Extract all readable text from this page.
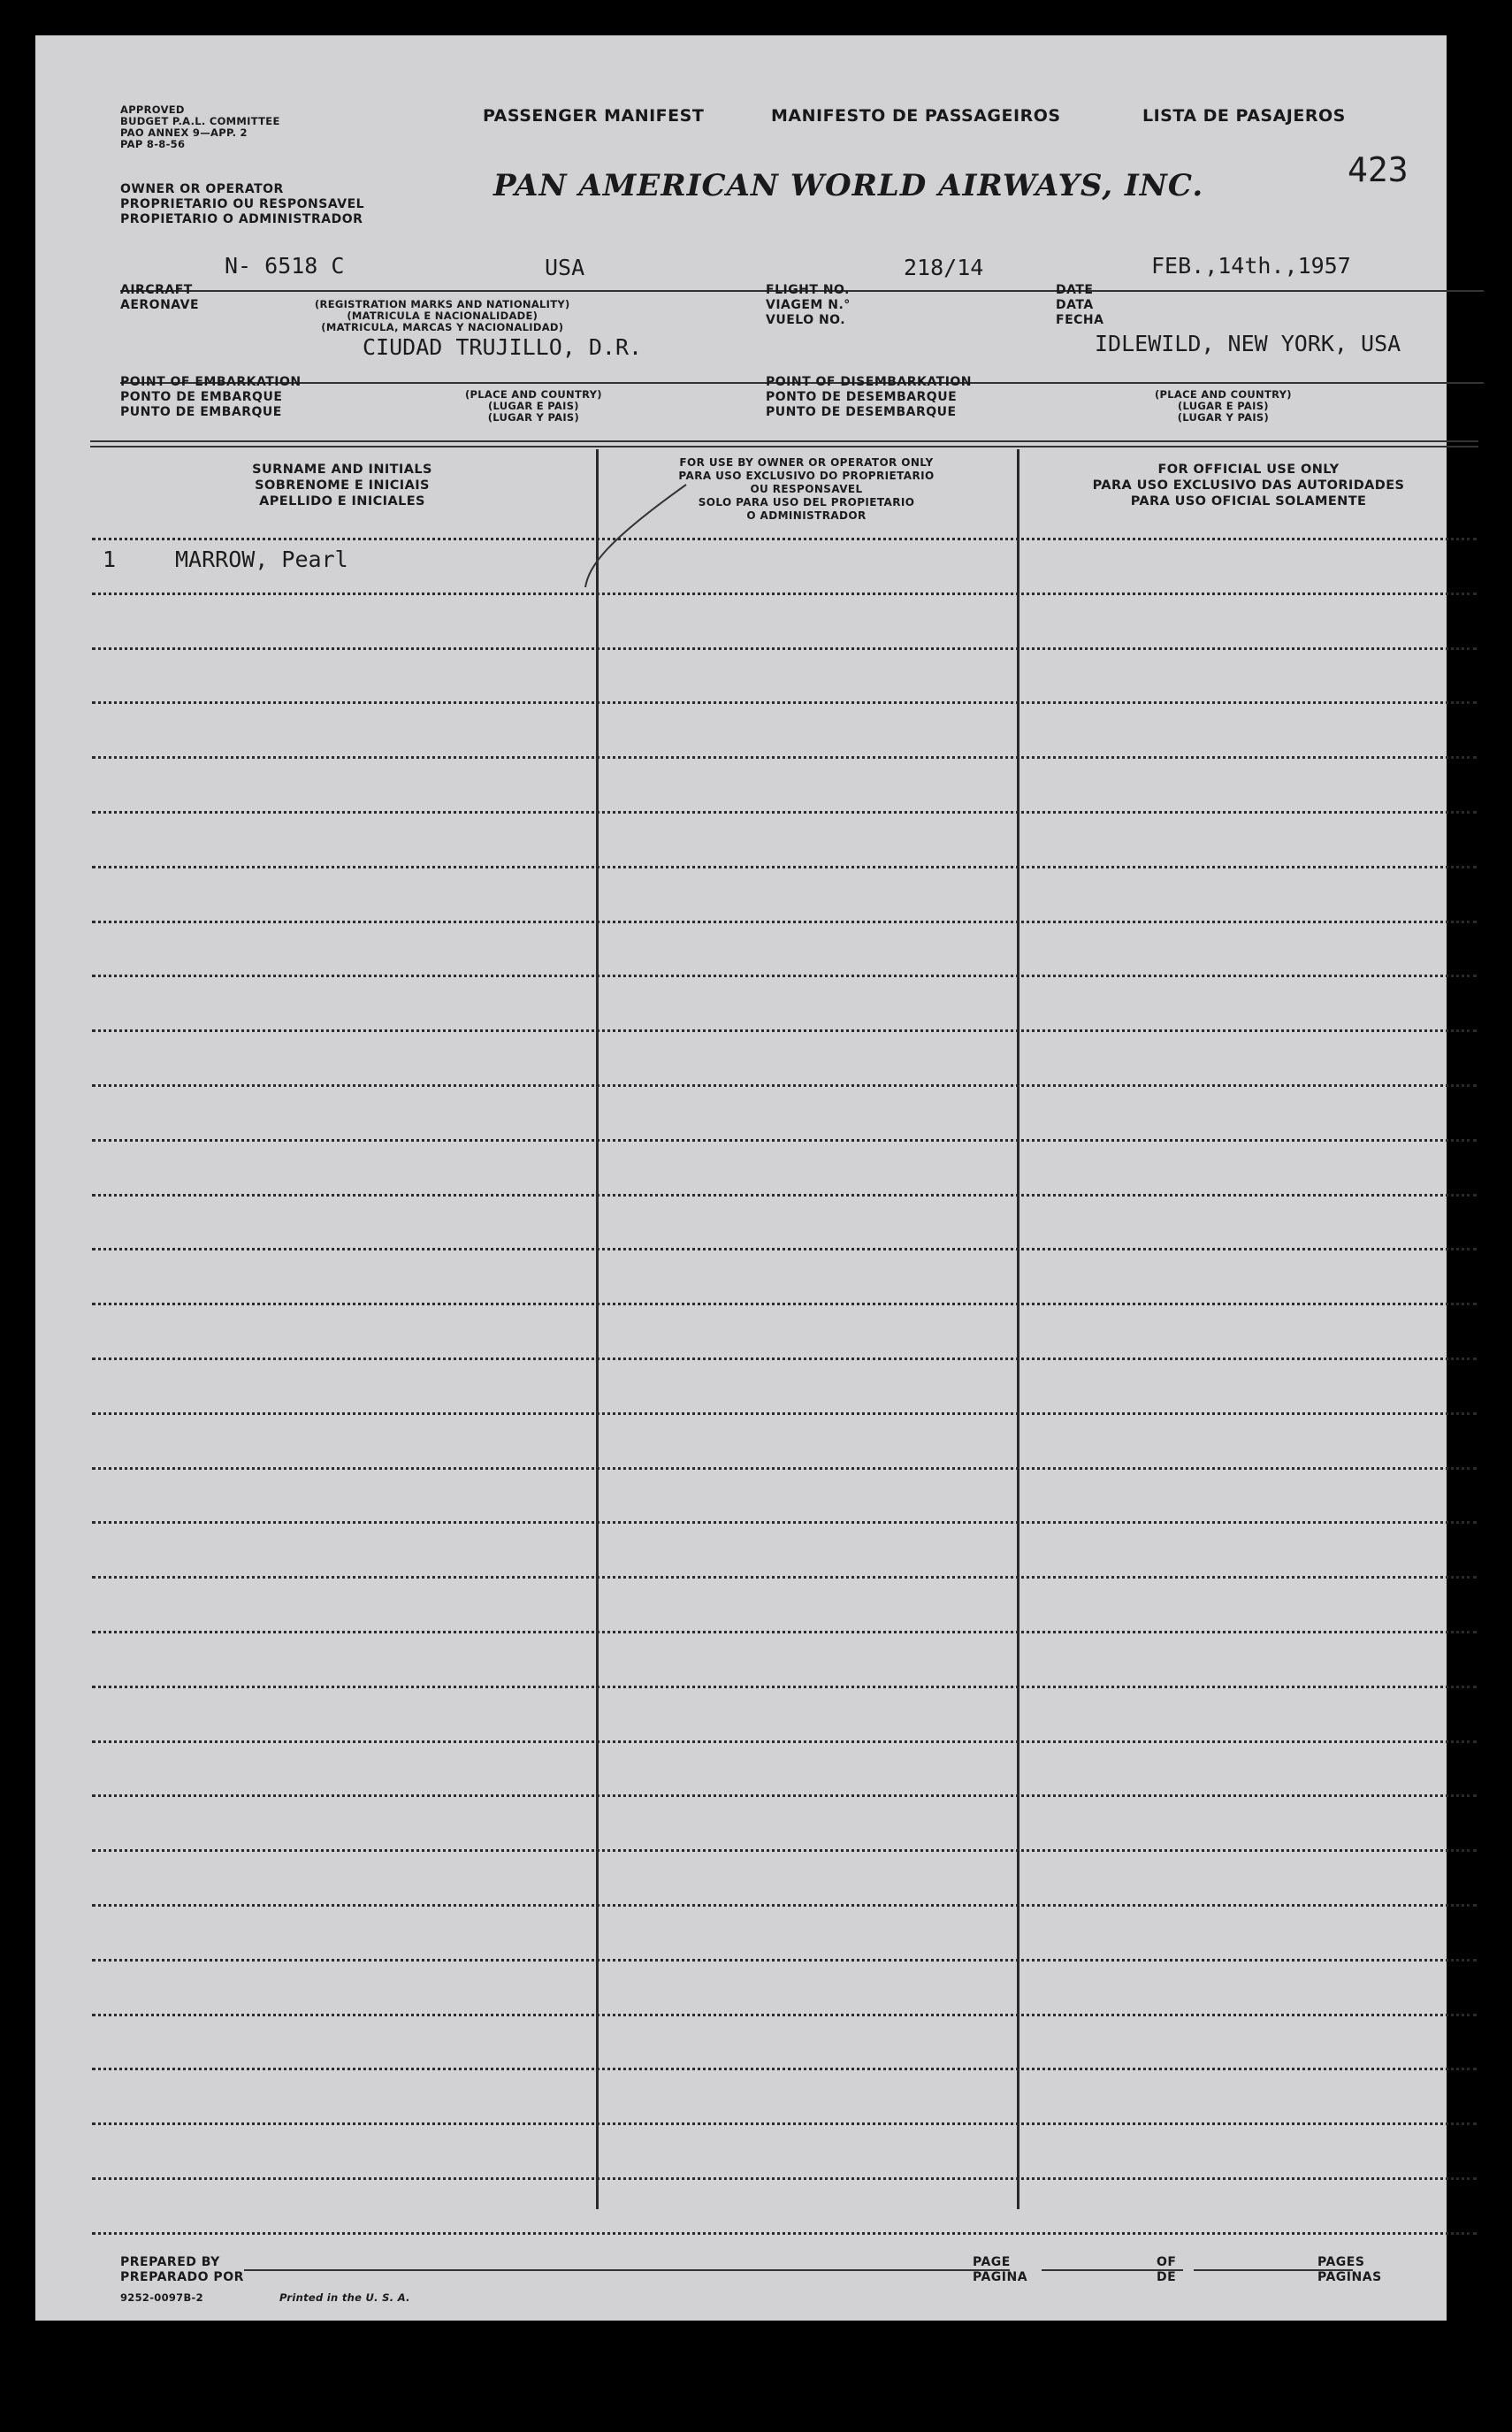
APPROVED
BUDGET P.A.L. COMMITTEE
PAO ANNEX 9—APP. 2
PAP 8-8-56
OWNER OR OPERATOR
PROPRIETARIO OU RESPONSAVEL
PROPIETARIO O ADMINISTRADOR
PASSENGER MANIFEST	MANIFESTO DE PASSAGEIROS	LISTA DE PASAJEROS
PAN AMERICAN WORLD AIRWAYS, INC.	423
N- 6518 C	USA	218/14	FEB.,14th.,1957
AIRCRAFT
AERONAVE	(REGISTRATION MARKS AND NATIONALITY)
(MATRICULA E NACIONALIDADE)
(MATRICULA, MARCAS Y NACIONALIDAD)
FLIGHT NO.
VIAGEM N.°
VUELO NO.
DATE
DATA
FECHA
CIUDAD TRUJILLO, D.R.	IDLEWILD, NEW YORK, USA
POINT OF EMBARKATION
PONTO DE EMBARQUE
PUNTO DE EMBARQUE
(PLACE AND COUNTRY)
(LUGAR E PAIS)
(LUGAR Y PAIS)
POINT OF DISEMBARKATION
PONTO DE DESEMBARQUE
PUNTO DE DESEMBARQUE
(PLACE AND COUNTRY)
(LUGAR E PAIS)
(LUGAR Y PAIS)
SURNAME AND INITIALS
SOBRENOME E INICIAIS
APELLIDO E INICIALES
FOR USE BY OWNER OR OPERATOR ONLY
PARA USO EXCLUSIVO DO PROPRIETARIO
OU RESPONSAVEL
SOLO PARA USO DEL PROPIETARIO
O ADMINISTRADOR
FOR OFFICIAL USE ONLY
PARA USO EXCLUSIVO DAS AUTORIDADES
PARA USO OFICIAL SOLAMENTE
1	MARROW, Pearl
PREPARED BY
PREPARADO POR
9252-0097B-2	Printed in the U. S. A.
PAGE
PAGINA
OF
DE
PAGES
PAGINAS
